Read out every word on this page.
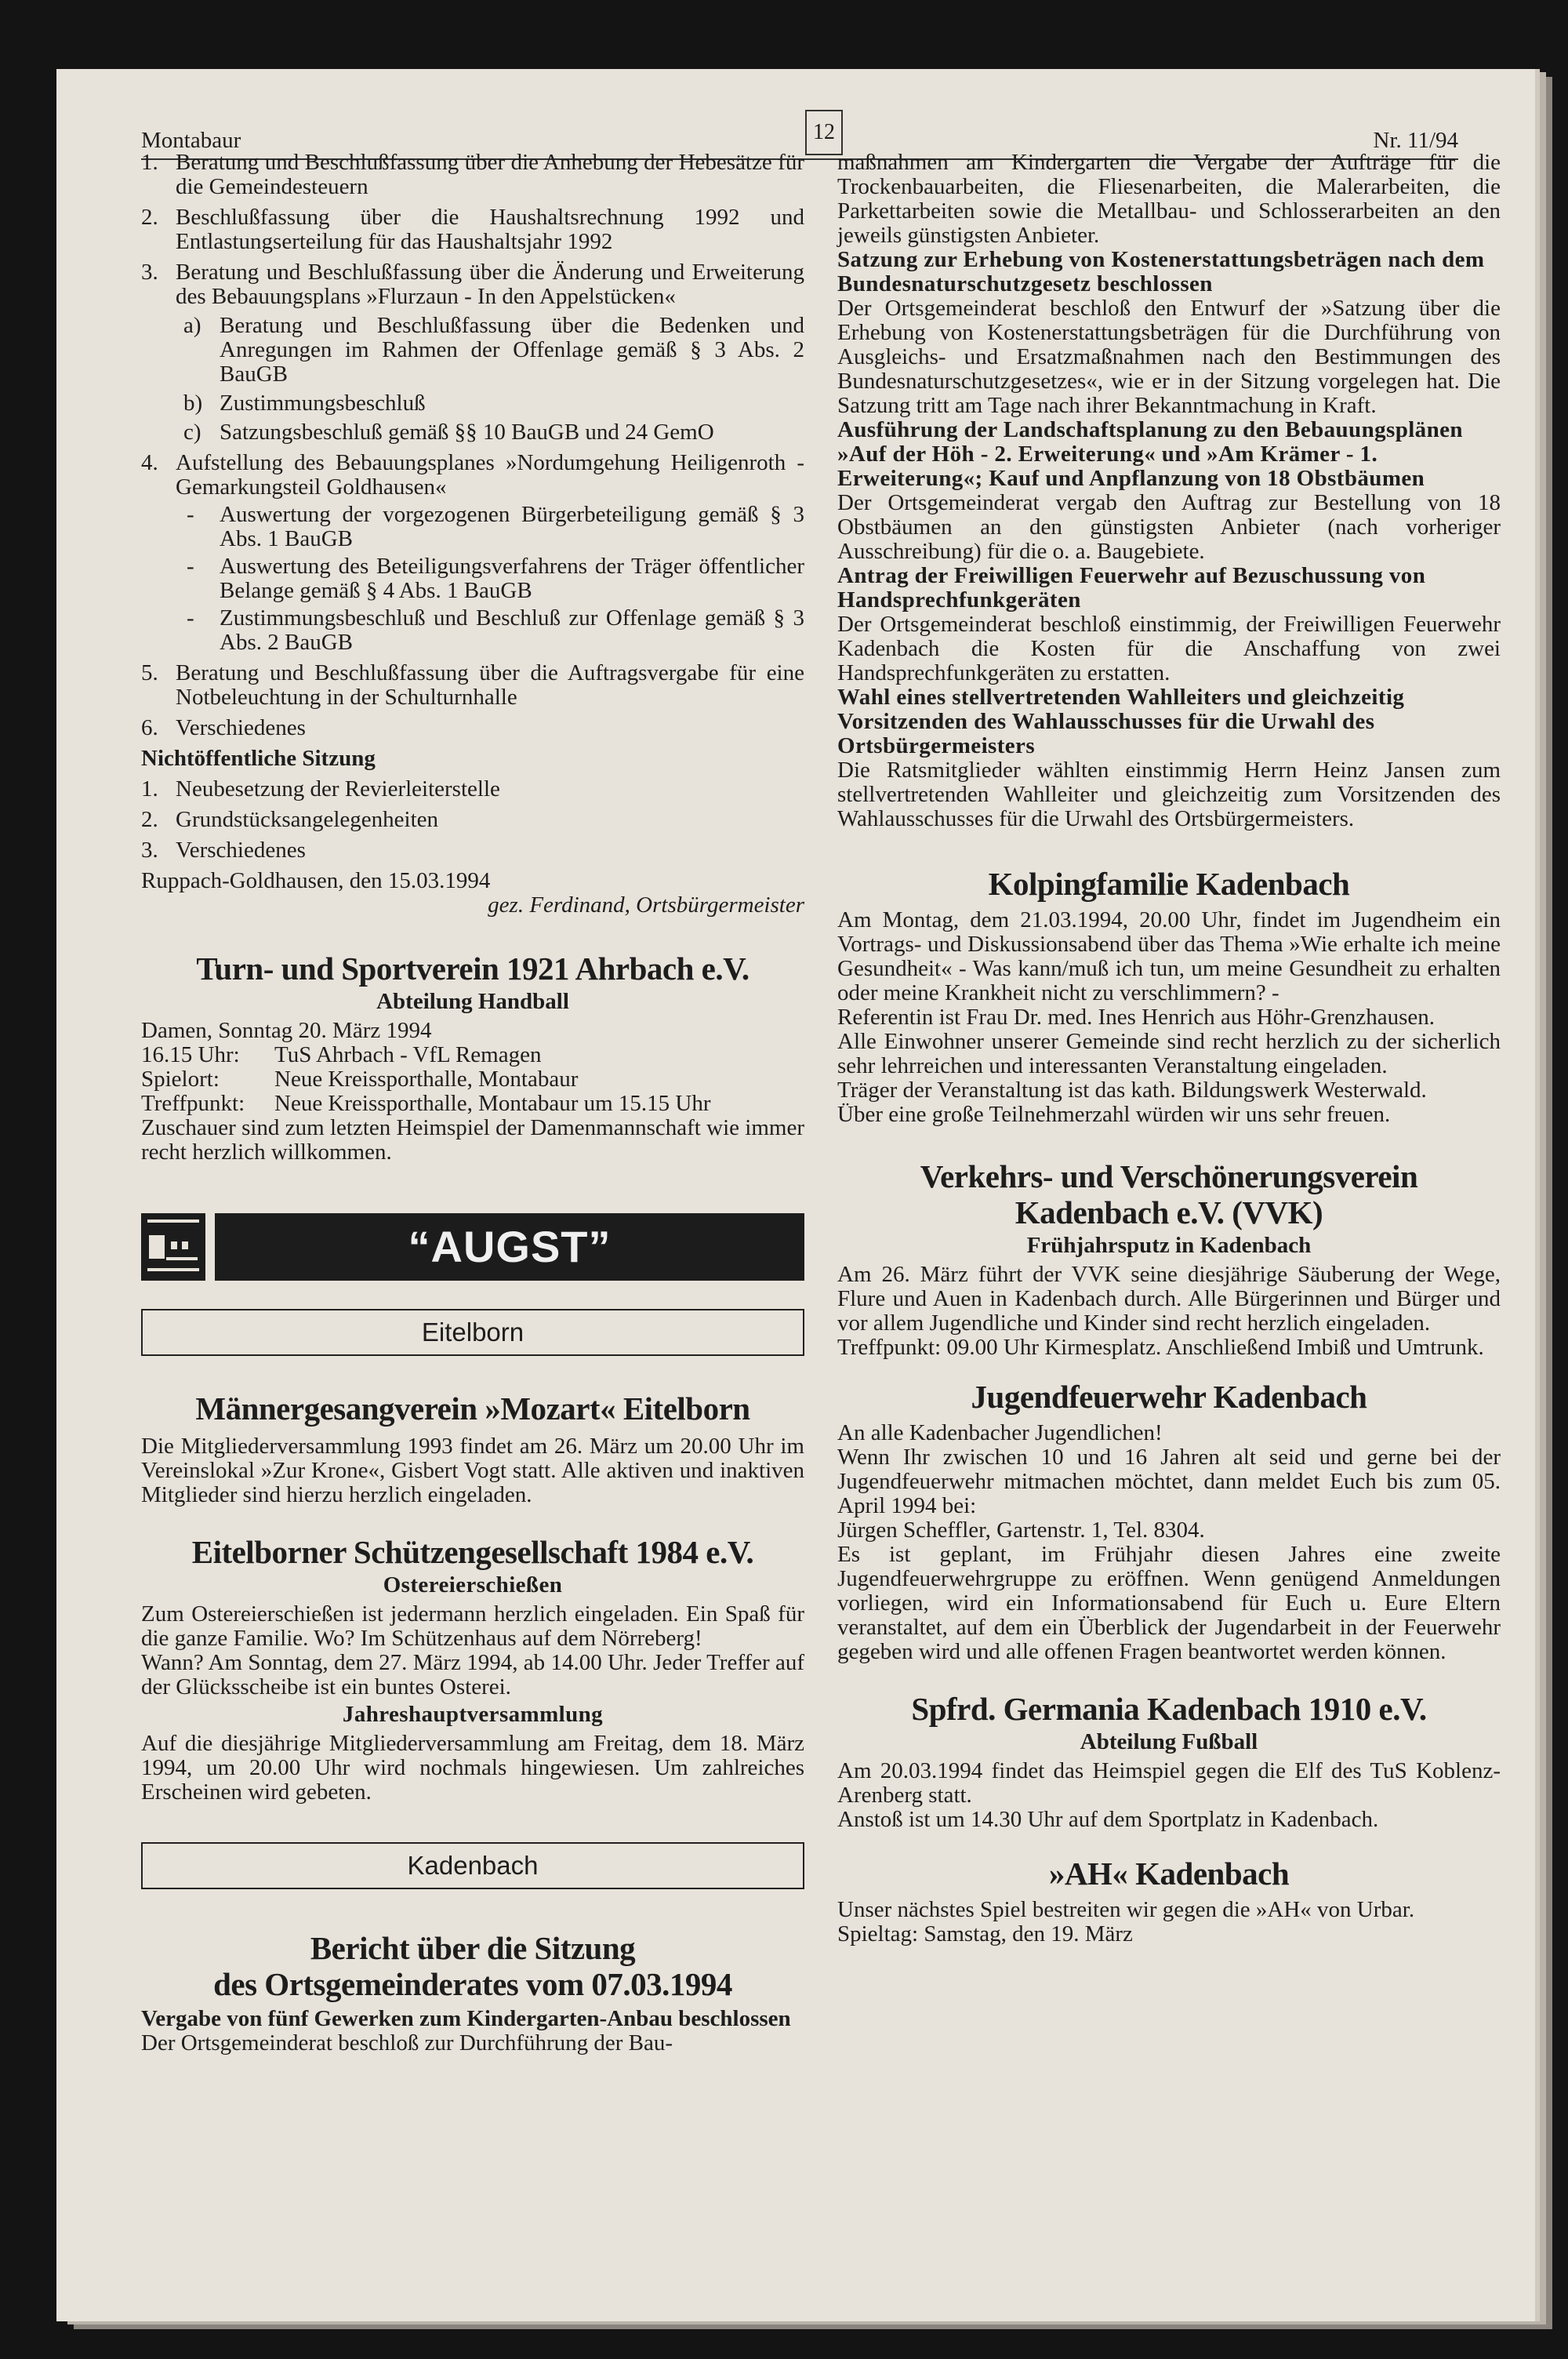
Montabaur	12	Nr. 11/94
1. Beratung und Beschlußfassung über die Anhebung der Hebesätze für die Gemeindesteuern
2. Beschlußfassung über die Haushaltsrechnung 1992 und Entlastungserteilung für das Haushaltsjahr 1992
3. Beratung und Beschlußfassung über die Änderung und Erweiterung des Bebauungsplans »Flurzaun - In den Appelstücken«
a) Beratung und Beschlußfassung über die Bedenken und Anregungen im Rahmen der Offenlage gemäß § 3 Abs. 2 BauGB
b) Zustimmungsbeschluß
c) Satzungsbeschluß gemäß §§ 10 BauGB und 24 GemO
4. Aufstellung des Bebauungsplanes »Nordumgehung Heiligenroth - Gemarkungsteil Goldhausen«
- Auswertung der vorgezogenen Bürgerbeteiligung gemäß § 3 Abs. 1 BauGB
- Auswertung des Beteiligungsverfahrens der Träger öffentlicher Belange gemäß § 4 Abs. 1 BauGB
- Zustimmungsbeschluß und Beschluß zur Offenlage gemäß § 3 Abs. 2 BauGB
5. Beratung und Beschlußfassung über die Auftragsvergabe für eine Notbeleuchtung in der Schulturnhalle
6. Verschiedenes

Nichtöffentliche Sitzung

1. Neubesetzung der Revierleiterstelle
2. Grundstücksangelegenheiten
3. Verschiedenes

Ruppach-Goldhausen, den 15.03.1994

gez. Ferdinand, Ortsbürgermeister

Turn- und Sportverein 1921 Ahrbach e.V.

Abteilung Handball

Damen, Sonntag 20. März 1994

16.15 Uhr:	TuS Ahrbach - VfL Remagen
Spielort:	Neue Kreissporthalle, Montabaur
Treffpunkt:	Neue Kreissporthalle, Montabaur um 15.15 Uhr

Zuschauer sind zum letzten Heimspiel der Damenmannschaft wie immer recht herzlich willkommen.

“AUGST”
Eitelborn

Männergesangverein »Mozart« Eitelborn

Die Mitgliederversammlung 1993 findet am 26. März um 20.00 Uhr im Vereinslokal »Zur Krone«, Gisbert Vogt statt. Alle aktiven und inaktiven Mitglieder sind hierzu herzlich eingeladen.

Eitelborner Schützengesellschaft 1984 e.V.

Ostereierschießen

Zum Ostereierschießen ist jedermann herzlich eingeladen. Ein Spaß für die ganze Familie. Wo? Im Schützenhaus auf dem Nörreberg!

Wann? Am Sonntag, dem 27. März 1994, ab 14.00 Uhr. Jeder Treffer auf der Glücksscheibe ist ein buntes Osterei.

Jahreshauptversammlung

Auf die diesjährige Mitgliederversammlung am Freitag, dem 18. März 1994, um 20.00 Uhr wird nochmals hingewiesen. Um zahlreiches Erscheinen wird gebeten.

Kadenbach

Bericht über die Sitzung

des Ortsgemeinderates vom 07.03.1994

Vergabe von fünf Gewerken zum Kindergarten-Anbau beschlossen

Der Ortsgemeinderat beschloß zur Durchführung der Bau-

maßnahmen am Kindergarten die Vergabe der Aufträge für die Trockenbauarbeiten, die Fliesenarbeiten, die Malerarbeiten, die Parkettarbeiten sowie die Metallbau- und Schlosserarbeiten an den jeweils günstigsten Anbieter.

Satzung zur Erhebung von Kostenerstattungsbeträgen nach dem Bundesnaturschutzgesetz beschlossen

Der Ortsgemeinderat beschloß den Entwurf der »Satzung über die Erhebung von Kostenerstattungsbeträgen für die Durchführung von Ausgleichs- und Ersatzmaßnahmen nach den Bestimmungen des Bundesnaturschutzgesetzes«, wie er in der Sitzung vorgelegen hat. Die Satzung tritt am Tage nach ihrer Bekanntmachung in Kraft.

Ausführung der Landschaftsplanung zu den Bebauungsplänen »Auf der Höh - 2. Erweiterung« und »Am Krämer - 1. Erweiterung«; Kauf und Anpflanzung von 18 Obstbäumen

Der Ortsgemeinderat vergab den Auftrag zur Bestellung von 18 Obstbäumen an den günstigsten Anbieter (nach vorheriger Ausschreibung) für die o. a. Baugebiete.

Antrag der Freiwilligen Feuerwehr auf Bezuschussung von Handsprechfunkgeräten

Der Ortsgemeinderat beschloß einstimmig, der Freiwilligen Feuerwehr Kadenbach die Kosten für die Anschaffung von zwei Handsprechfunkgeräten zu erstatten.

Wahl eines stellvertretenden Wahlleiters und gleichzeitig Vorsitzenden des Wahlausschusses für die Urwahl des Ortsbürgermeisters

Die Ratsmitglieder wählten einstimmig Herrn Heinz Jansen zum stellvertretenden Wahlleiter und gleichzeitig zum Vorsitzenden des Wahlausschusses für die Urwahl des Ortsbürgermeisters.

Kolpingfamilie Kadenbach

Am Montag, dem 21.03.1994, 20.00 Uhr, findet im Jugendheim ein Vortrags- und Diskussionsabend über das Thema »Wie erhalte ich meine Gesundheit« - Was kann/muß ich tun, um meine Gesundheit zu erhalten oder meine Krankheit nicht zu verschlimmern? -

Referentin ist Frau Dr. med. Ines Henrich aus Höhr-Grenzhausen.

Alle Einwohner unserer Gemeinde sind recht herzlich zu der sicherlich sehr lehrreichen und interessanten Veranstaltung eingeladen.

Träger der Veranstaltung ist das kath. Bildungswerk Westerwald.

Über eine große Teilnehmerzahl würden wir uns sehr freuen.

Verkehrs- und Verschönerungsverein

Kadenbach e.V. (VVK)

Frühjahrsputz in Kadenbach

Am 26. März führt der VVK seine diesjährige Säuberung der Wege, Flure und Auen in Kadenbach durch. Alle Bürgerinnen und Bürger und vor allem Jugendliche und Kinder sind recht herzlich eingeladen.

Treffpunkt: 09.00 Uhr Kirmesplatz. Anschließend Imbiß und Umtrunk.

Jugendfeuerwehr Kadenbach

An alle Kadenbacher Jugendlichen!

Wenn Ihr zwischen 10 und 16 Jahren alt seid und gerne bei der Jugendfeuerwehr mitmachen möchtet, dann meldet Euch bis zum 05. April 1994 bei:

Jürgen Scheffler, Gartenstr. 1, Tel. 8304.

Es ist geplant, im Frühjahr diesen Jahres eine zweite Jugendfeuerwehrgruppe zu eröffnen. Wenn genügend Anmeldungen vorliegen, wird ein Informationsabend für Euch u. Eure Eltern veranstaltet, auf dem ein Überblick der Jugendarbeit in der Feuerwehr gegeben wird und alle offenen Fragen beantwortet werden können.

Spfrd. Germania Kadenbach 1910 e.V.

Abteilung Fußball

Am 20.03.1994 findet das Heimspiel gegen die Elf des TuS Koblenz-Arenberg statt.

Anstoß ist um 14.30 Uhr auf dem Sportplatz in Kadenbach.

»AH« Kadenbach

Unser nächstes Spiel bestreiten wir gegen die »AH« von Urbar.

Spieltag: Samstag, den 19. März
